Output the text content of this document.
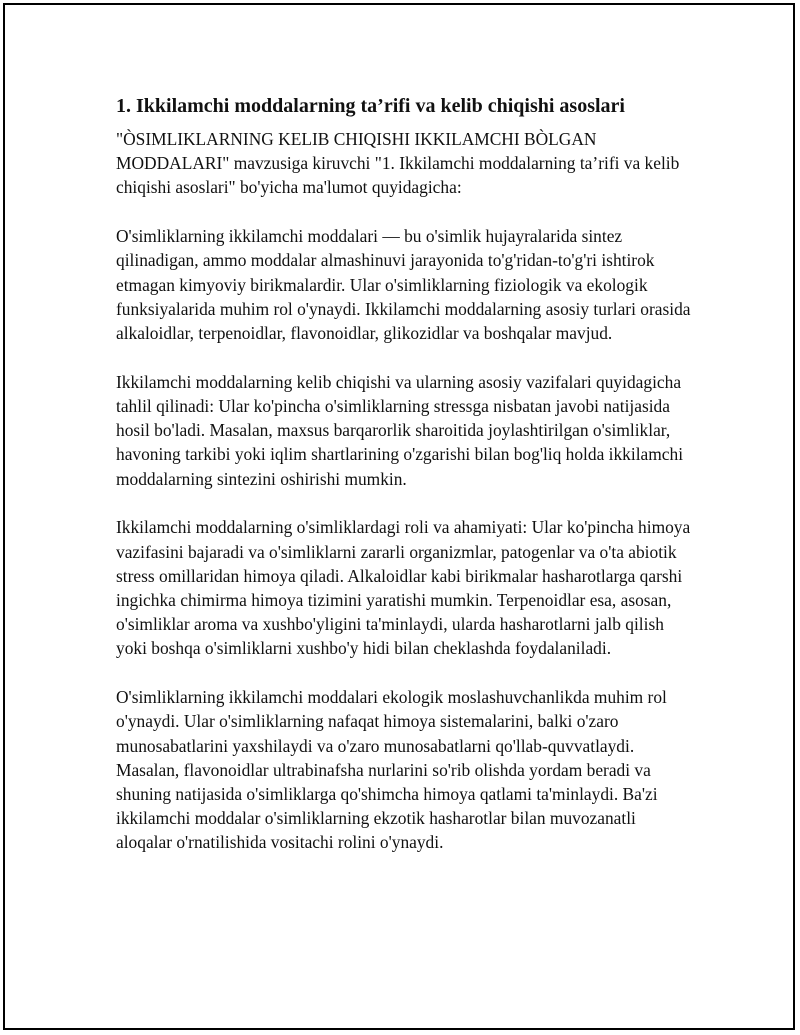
1. Ikkilamchi moddalarning ta’rifi va kelib chiqishi asoslari

"ÒSIMLIKLARNING KELIB CHIQISHI IKKILAMCHI BÒLGAN MODDALARI" mavzusiga kiruvchi "1. Ikkilamchi moddalarning ta’rifi va kelib chiqishi asoslari" bo'yicha ma'lumot quyidagicha:

O'simliklarning ikkilamchi moddalari — bu o'simlik hujayralarida sintez qilinadigan, ammo moddalar almashinuvi jarayonida to'g'ridan-to'g'ri ishtirok etmagan kimyoviy birikmalardir. Ular o'simliklarning fiziologik va ekologik funksiyalarida muhim rol o'ynaydi. Ikkilamchi moddalarning asosiy turlari orasida alkaloidlar, terpenoidlar, flavonoidlar, glikozidlar va boshqalar mavjud.

Ikkilamchi moddalarning kelib chiqishi va ularning asosiy vazifalari quyidagicha tahlil qilinadi: Ular ko'pincha o'simliklarning stressga nisbatan javobi natijasida hosil bo'ladi. Masalan, maxsus barqarorlik sharoitida joylashtirilgan o'simliklar, havoning tarkibi yoki iqlim shartlarining o'zgarishi bilan bog'liq holda ikkilamchi moddalarning sintezini oshirishi mumkin.

Ikkilamchi moddalarning o'simliklardagi roli va ahamiyati: Ular ko'pincha himoya vazifasini bajaradi va o'simliklarni zararli organizmlar, patogenlar va o'ta abiotik stress omillaridan himoya qiladi. Alkaloidlar kabi birikmalar hasharotlarga qarshi ingichka chimirma himoya tizimini yaratishi mumkin. Terpenoidlar esa, asosan, o'simliklar aroma va xushbo'yligini ta'minlaydi, ularda hasharotlarni jalb qilish yoki boshqa o'simliklarni xushbo'y hidi bilan cheklashda foydalaniladi.

O'simliklarning ikkilamchi moddalari ekologik moslashuvchanlikda muhim rol o'ynaydi. Ular o'simliklarning nafaqat himoya sistemalarini, balki o'zaro munosabatlarini yaxshilaydi va o'zaro munosabatlarni qo'llab-quvvatlaydi. Masalan, flavonoidlar ultrabinafsha nurlarini so'rib olishda yordam beradi va shuning natijasida o'simliklarga qo'shimcha himoya qatlami ta'minlaydi. Ba'zi ikkilamchi moddalar o'simliklarning ekzotik hasharotlar bilan muvozanatli aloqalar o'rnatilishida vositachi rolini o'ynaydi.
